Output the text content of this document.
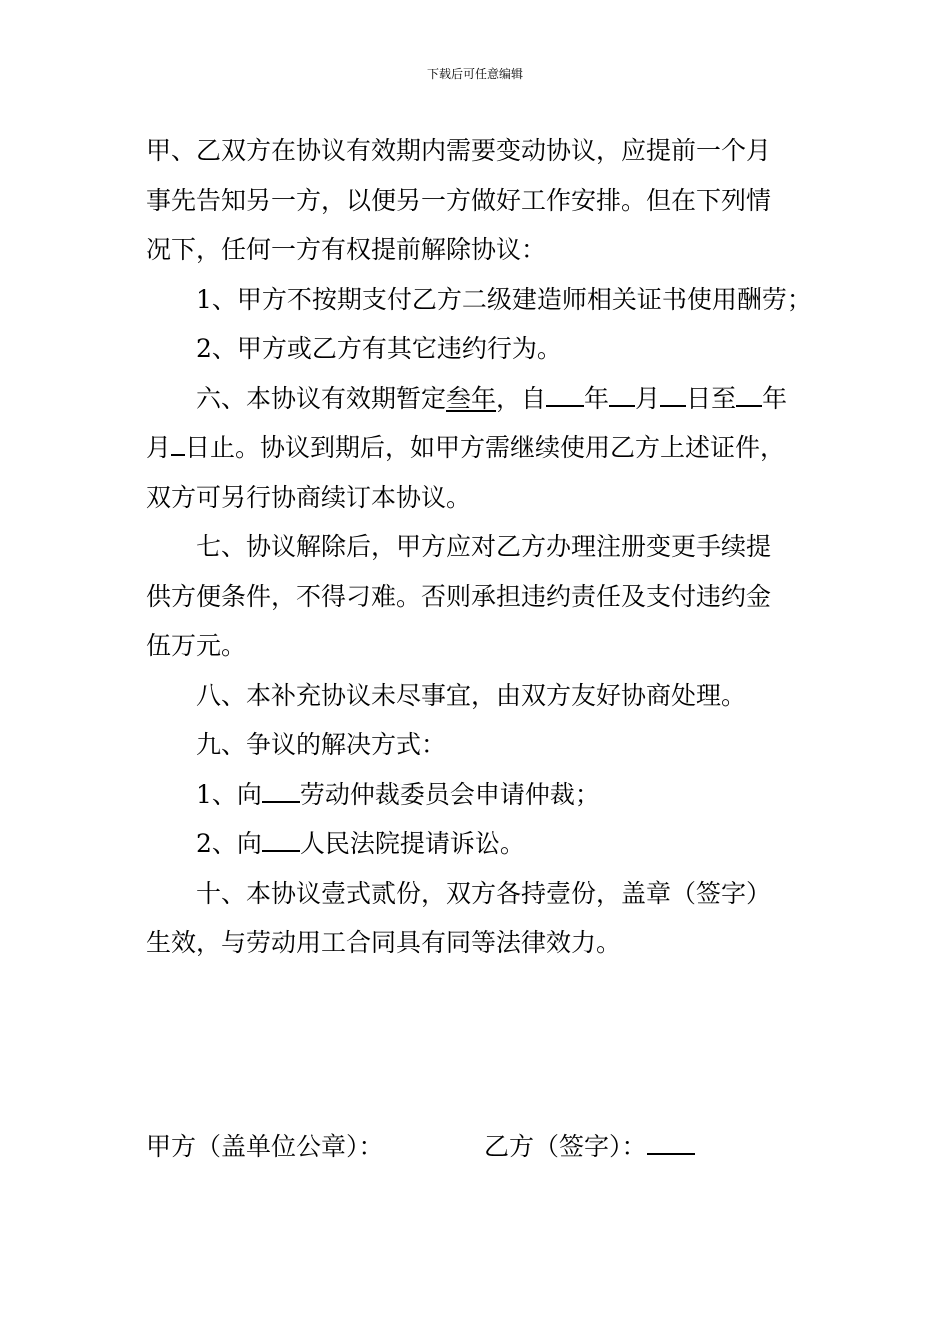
下载后可任意编辑
甲、乙双方在协议有效期内需要变动协议，应提前一个月
事先告知另一方，以便另一方做好工作安排。但在下列情
况下，任何一方有权提前解除协议：
1、甲方不按期支付乙方二级建造师相关证书使用酬劳；
2、甲方或乙方有其它违约行为。
六、本协议有效期暂定叁年，自 年 月 日至 年
月 日止。协议到期后，如甲方需继续使用乙方上述证件，
双方可另行协商续订本协议。
七、协议解除后，甲方应对乙方办理注册变更手续提
供方便条件，不得刁难。否则承担违约责任及支付违约金
伍万元。
八、本补充协议未尽事宜，由双方友好协商处理。
九、争议的解决方式：
1、向 劳动仲裁委员会申请仲裁；
2、向 人民法院提请诉讼。
十、本协议壹式贰份，双方各持壹份，盖章（签字）
生效，与劳动用工合同具有同等法律效力。
甲方（盖单位公章）：	乙方（签字）：
